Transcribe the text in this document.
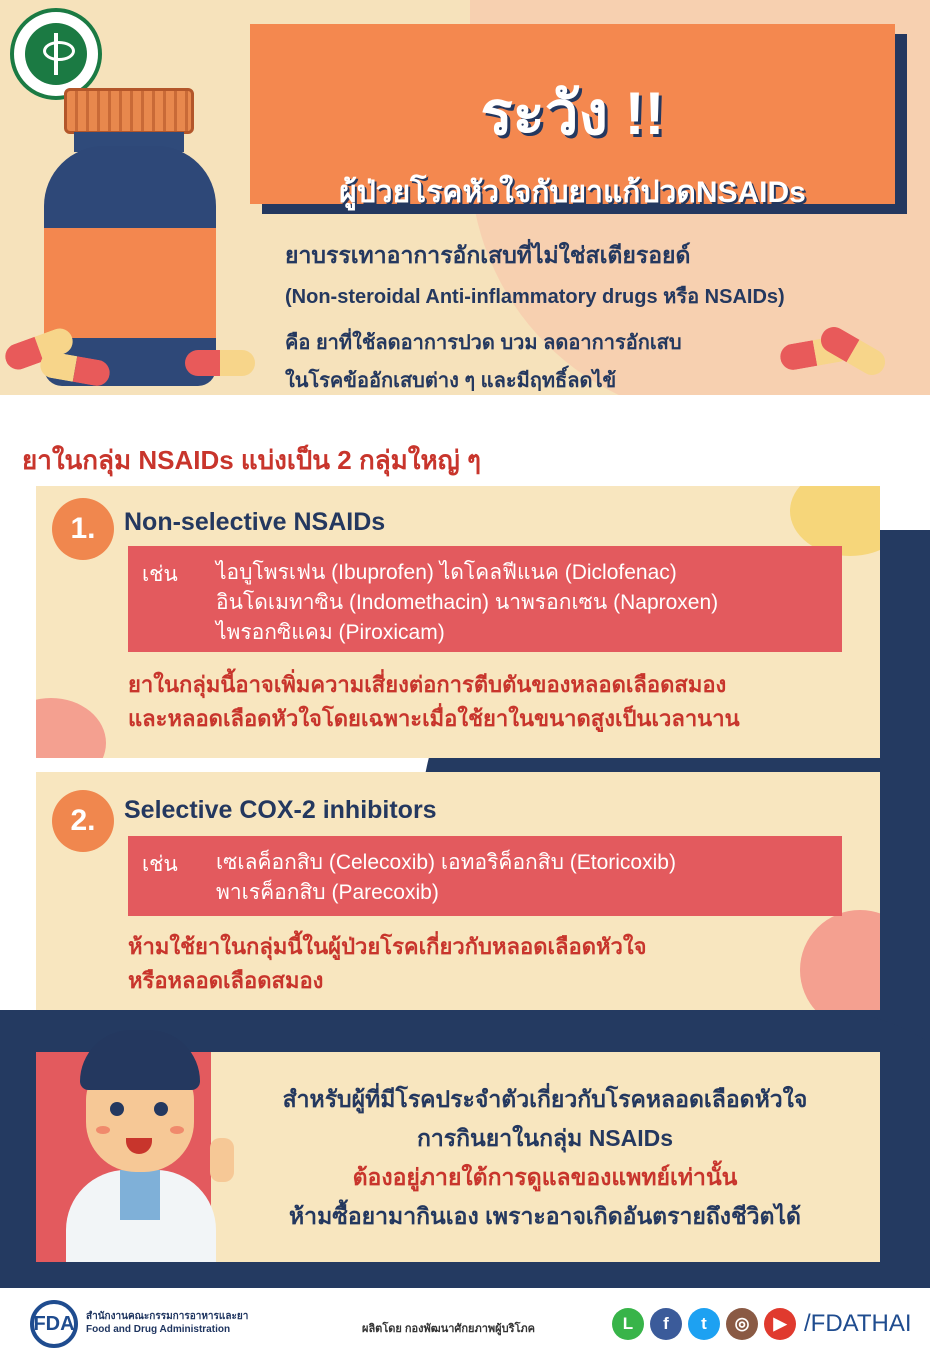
ระวัง !!
ผู้ป่วยโรคหัวใจกับยาแก้ปวดNSAIDs
ยาบรรเทาอาการอักเสบที่ไม่ใช่สเตียรอยด์
(Non-steroidal Anti-inflammatory drugs หรือ NSAIDs)
คือ ยาที่ใช้ลดอาการปวด บวม ลดอาการอักเสบ
ในโรคข้ออักเสบต่าง ๆ และมีฤทธิ์ลดไข้
ยาในกลุ่ม NSAIDs แบ่งเป็น 2 กลุ่มใหญ่ ๆ
1.	Non-selective NSAIDs
เช่น	ไอบูโพรเฟน (Ibuprofen) ไดโคลฟีแนค (Diclofenac)
อินโดเมทาซิน (Indomethacin) นาพรอกเซน (Naproxen)
ไพรอกซิแคม (Piroxicam)
ยาในกลุ่มนี้อาจเพิ่มความเสี่ยงต่อการตีบตันของหลอดเลือดสมอง
และหลอดเลือดหัวใจโดยเฉพาะเมื่อใช้ยาในขนาดสูงเป็นเวลานาน
2.	Selective COX-2 inhibitors
เช่น	เซเลค็อกสิบ (Celecoxib) เอทอริค็อกสิบ (Etoricoxib)
พาเรค็อกสิบ (Parecoxib)
ห้ามใช้ยาในกลุ่มนี้ในผู้ป่วยโรคเกี่ยวกับหลอดเลือดหัวใจ
หรือหลอดเลือดสมอง
สำหรับผู้ที่มีโรคประจำตัวเกี่ยวกับโรคหลอดเลือดหัวใจ
การกินยาในกลุ่ม NSAIDs
ต้องอยู่ภายใต้การดูแลของแพทย์เท่านั้น
ห้ามซื้อยามากินเอง เพราะอาจเกิดอันตรายถึงชีวิตได้
FDA	สำนักงานคณะกรรมการอาหารและยา
Food and Drug Administration	ผลิตโดย กองพัฒนาศักยภาพผู้บริโภค	L	f	t	◎	▶ /FDATHAI
